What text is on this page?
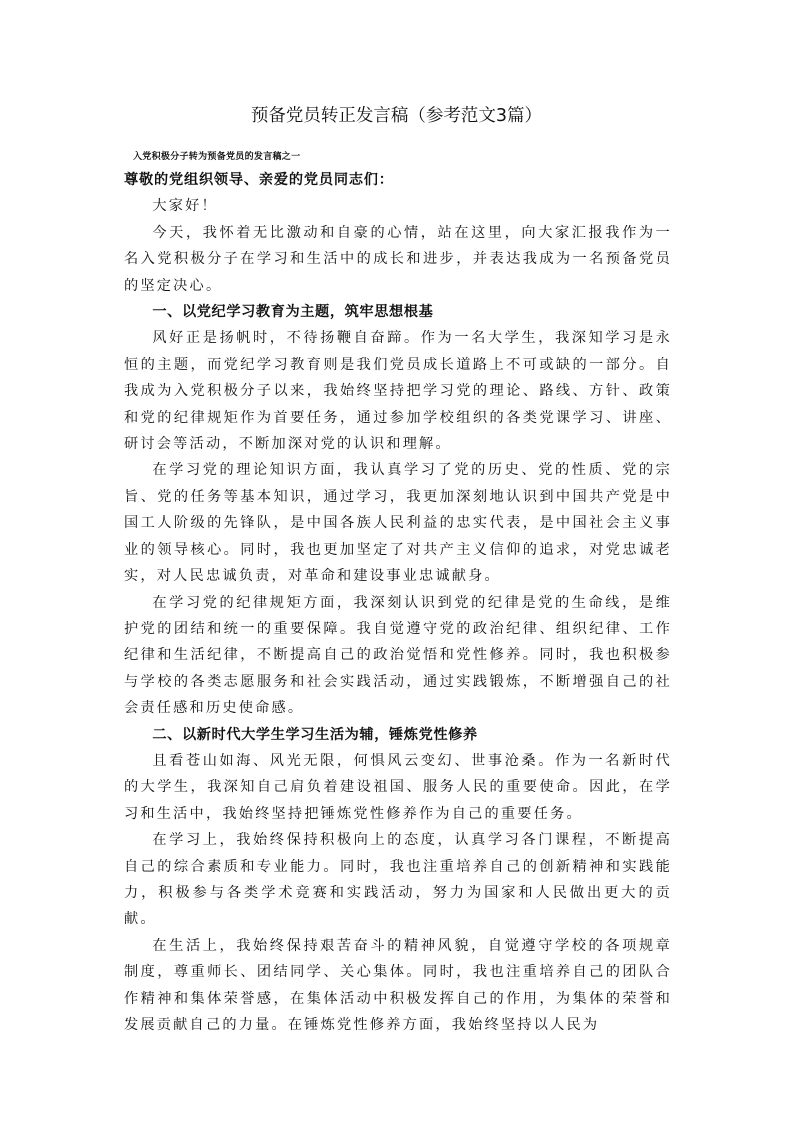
预备党员转正发言稿（参考范文3篇）
入党积极分子转为预备党员的发言稿之一

尊敬的党组织领导、亲爱的党员同志们：

大家好！

今天，我怀着无比激动和自豪的心情，站在这里，向大家汇报我作为一名入党积极分子在学习和生活中的成长和进步，并表达我成为一名预备党员的坚定决心。

一、以党纪学习教育为主题，筑牢思想根基

风好正是扬帆时，不待扬鞭自奋蹄。作为一名大学生，我深知学习是永恒的主题，而党纪学习教育则是我们党员成长道路上不可或缺的一部分。自我成为入党积极分子以来，我始终坚持把学习党的理论、路线、方针、政策和党的纪律规矩作为首要任务，通过参加学校组织的各类党课学习、讲座、研讨会等活动，不断加深对党的认识和理解。

在学习党的理论知识方面，我认真学习了党的历史、党的性质、党的宗旨、党的任务等基本知识，通过学习，我更加深刻地认识到中国共产党是中国工人阶级的先锋队，是中国各族人民利益的忠实代表，是中国社会主义事业的领导核心。同时，我也更加坚定了对共产主义信仰的追求，对党忠诚老实，对人民忠诚负责，对革命和建设事业忠诚献身。

在学习党的纪律规矩方面，我深刻认识到党的纪律是党的生命线，是维护党的团结和统一的重要保障。我自觉遵守党的政治纪律、组织纪律、工作纪律和生活纪律，不断提高自己的政治觉悟和党性修养。同时，我也积极参与学校的各类志愿服务和社会实践活动，通过实践锻炼，不断增强自己的社会责任感和历史使命感。

二、以新时代大学生学习生活为辅，锤炼党性修养

且看苍山如海、风光无限，何惧风云变幻、世事沧桑。作为一名新时代的大学生，我深知自己肩负着建设祖国、服务人民的重要使命。因此，在学习和生活中，我始终坚持把锤炼党性修养作为自己的重要任务。

在学习上，我始终保持积极向上的态度，认真学习各门课程，不断提高自己的综合素质和专业能力。同时，我也注重培养自己的创新精神和实践能力，积极参与各类学术竞赛和实践活动，努力为国家和人民做出更大的贡献。

在生活上，我始终保持艰苦奋斗的精神风貌，自觉遵守学校的各项规章制度，尊重师长、团结同学、关心集体。同时，我也注重培养自己的团队合作精神和集体荣誉感，在集体活动中积极发挥自己的作用，为集体的荣誉和发展贡献自己的力量。在锤炼党性修养方面，我始终坚持以人民为
